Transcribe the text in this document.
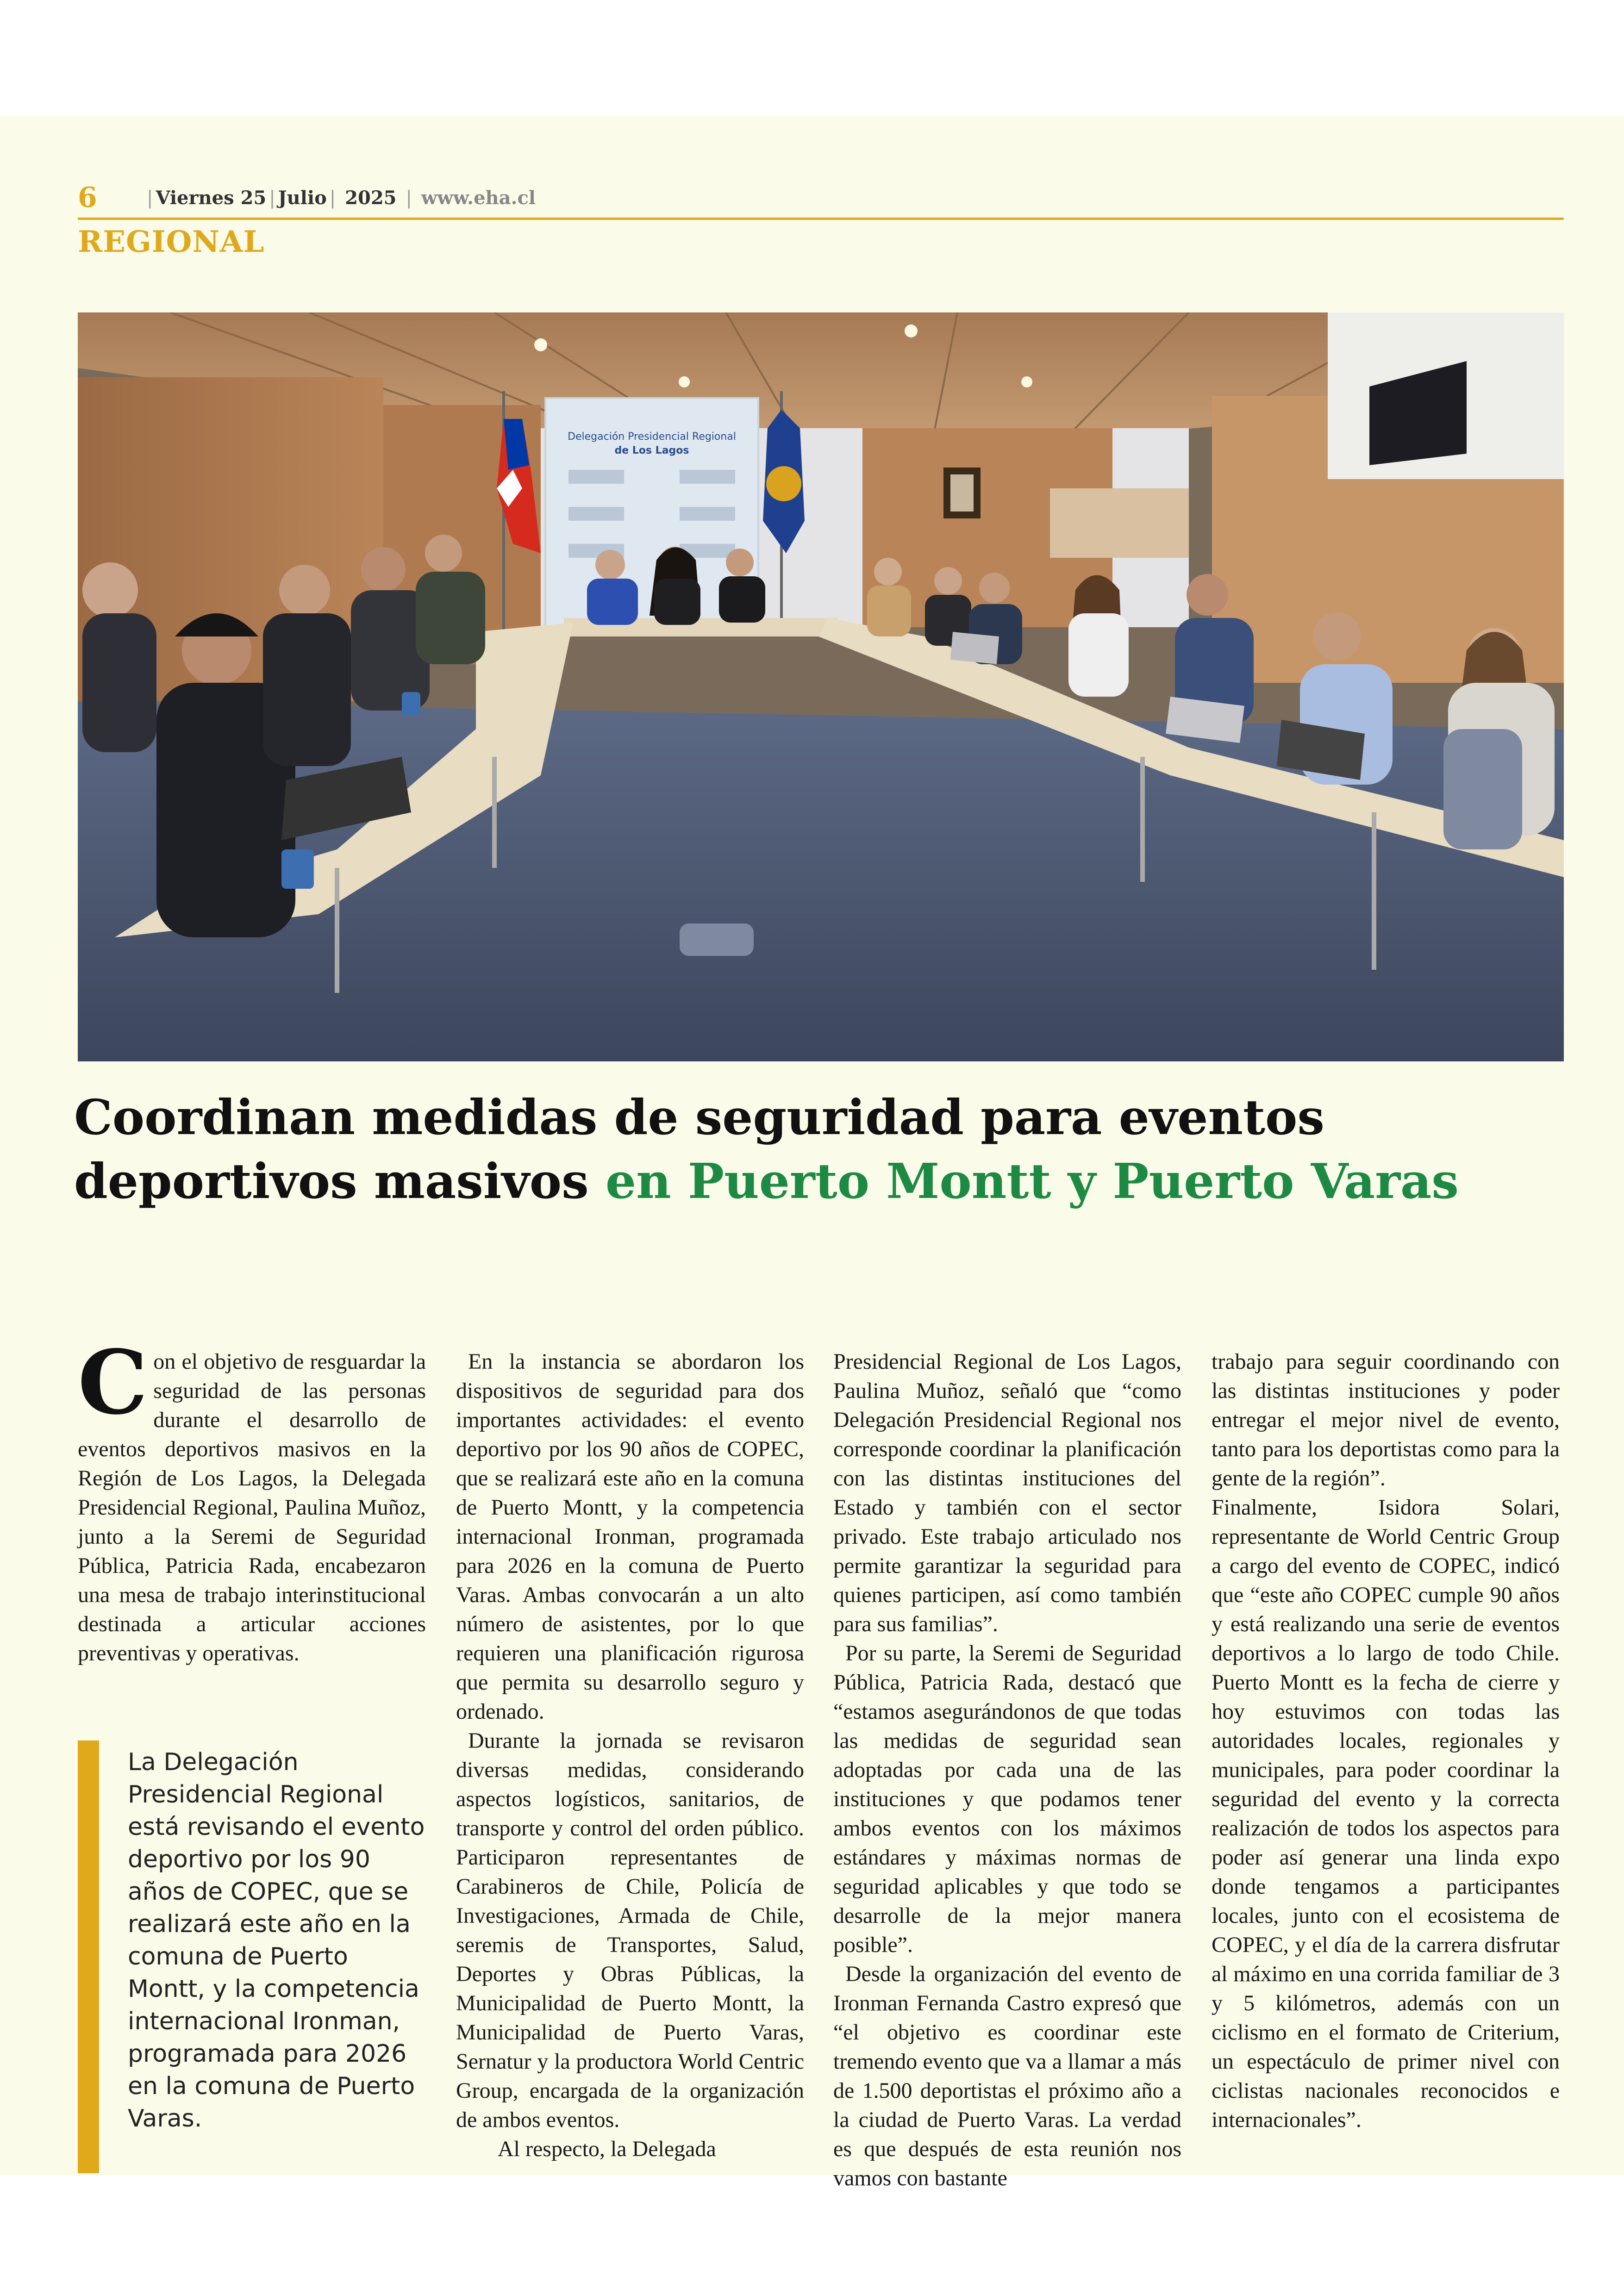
6	| Viernes 25 | Julio | 2025 | www.eha.cl
REGIONAL
Delegación Presidencial Regional
de Los Lagos
Coordinan medidas de seguridad para eventos deportivos masivos en Puerto Montt y Puerto Varas

Con el objetivo de resguardar la seguridad de las personas durante el desarrollo de eventos deportivos masivos en la Región de Los Lagos, la Delegada Presidencial Regional, Paulina Muñoz, junto a la Seremi de Seguridad Pública, Patricia Rada, encabezaron una mesa de trabajo interinstitucional destinada a articular acciones preventivas y operativas.

La Delegación Presidencial Regional está revisando el evento deportivo por los 90 años de COPEC, que se realizará este año en la comuna de Puerto Montt, y la competencia internacional Ironman, programada para 2026 en la comuna de Puerto Varas.

En la instancia se abordaron los dispositivos de seguridad para dos importantes actividades: el evento deportivo por los 90 años de COPEC, que se realizará este año en la comuna de Puerto Montt, y la competencia internacional Ironman, programada para 2026 en la comuna de Puerto Varas. Ambas convocarán a un alto número de asistentes, por lo que requieren una planificación rigurosa que permita su desarrollo seguro y ordenado.

Durante la jornada se revisaron diversas medidas, considerando aspectos logísticos, sanitarios, de transporte y control del orden público. Participaron representantes de Carabineros de Chile, Policía de Investigaciones, Armada de Chile, seremis de Transportes, Salud, Deportes y Obras Públicas, la Municipalidad de Puerto Montt, la Municipalidad de Puerto Varas, Sernatur y la productora World Centric Group, encargada de la organización de ambos eventos.

Al respecto, la Delegada

Presidencial Regional de Los Lagos, Paulina Muñoz, señaló que “como Delegación Presidencial Regional nos corresponde coordinar la planificación con las distintas instituciones del Estado y también con el sector privado. Este trabajo articulado nos permite garantizar la seguridad para quienes participen, así como también para sus familias”.

Por su parte, la Seremi de Seguridad Pública, Patricia Rada, destacó que “estamos asegurándonos de que todas las medidas de seguridad sean adoptadas por cada una de las instituciones y que podamos tener ambos eventos con los máximos estándares y máximas normas de seguridad aplicables y que todo se desarrolle de la mejor manera posible”.

Desde la organización del evento de Ironman Fernanda Castro expresó que “el objetivo es coordinar este tremendo evento que va a llamar a más de 1.500 deportistas el próximo año a la ciudad de Puerto Varas. La verdad es que después de esta reunión nos vamos con bastante

trabajo para seguir coordinando con las distintas instituciones y poder entregar el mejor nivel de evento, tanto para los deportistas como para la gente de la región”.

Finalmente, Isidora Solari, representante de World Centric Group a cargo del evento de COPEC, indicó que “este año COPEC cumple 90 años y está realizando una serie de eventos deportivos a lo largo de todo Chile. Puerto Montt es la fecha de cierre y hoy estuvimos con todas las autoridades locales, regionales y municipales, para poder coordinar la seguridad del evento y la correcta realización de todos los aspectos para poder así generar una linda expo donde tengamos a participantes locales, junto con el ecosistema de COPEC, y el día de la carrera disfrutar al máximo en una corrida familiar de 3 y 5 kilómetros, además con un ciclismo en el formato de Criterium, un espectáculo de primer nivel con ciclistas nacionales reconocidos e internacionales”.
